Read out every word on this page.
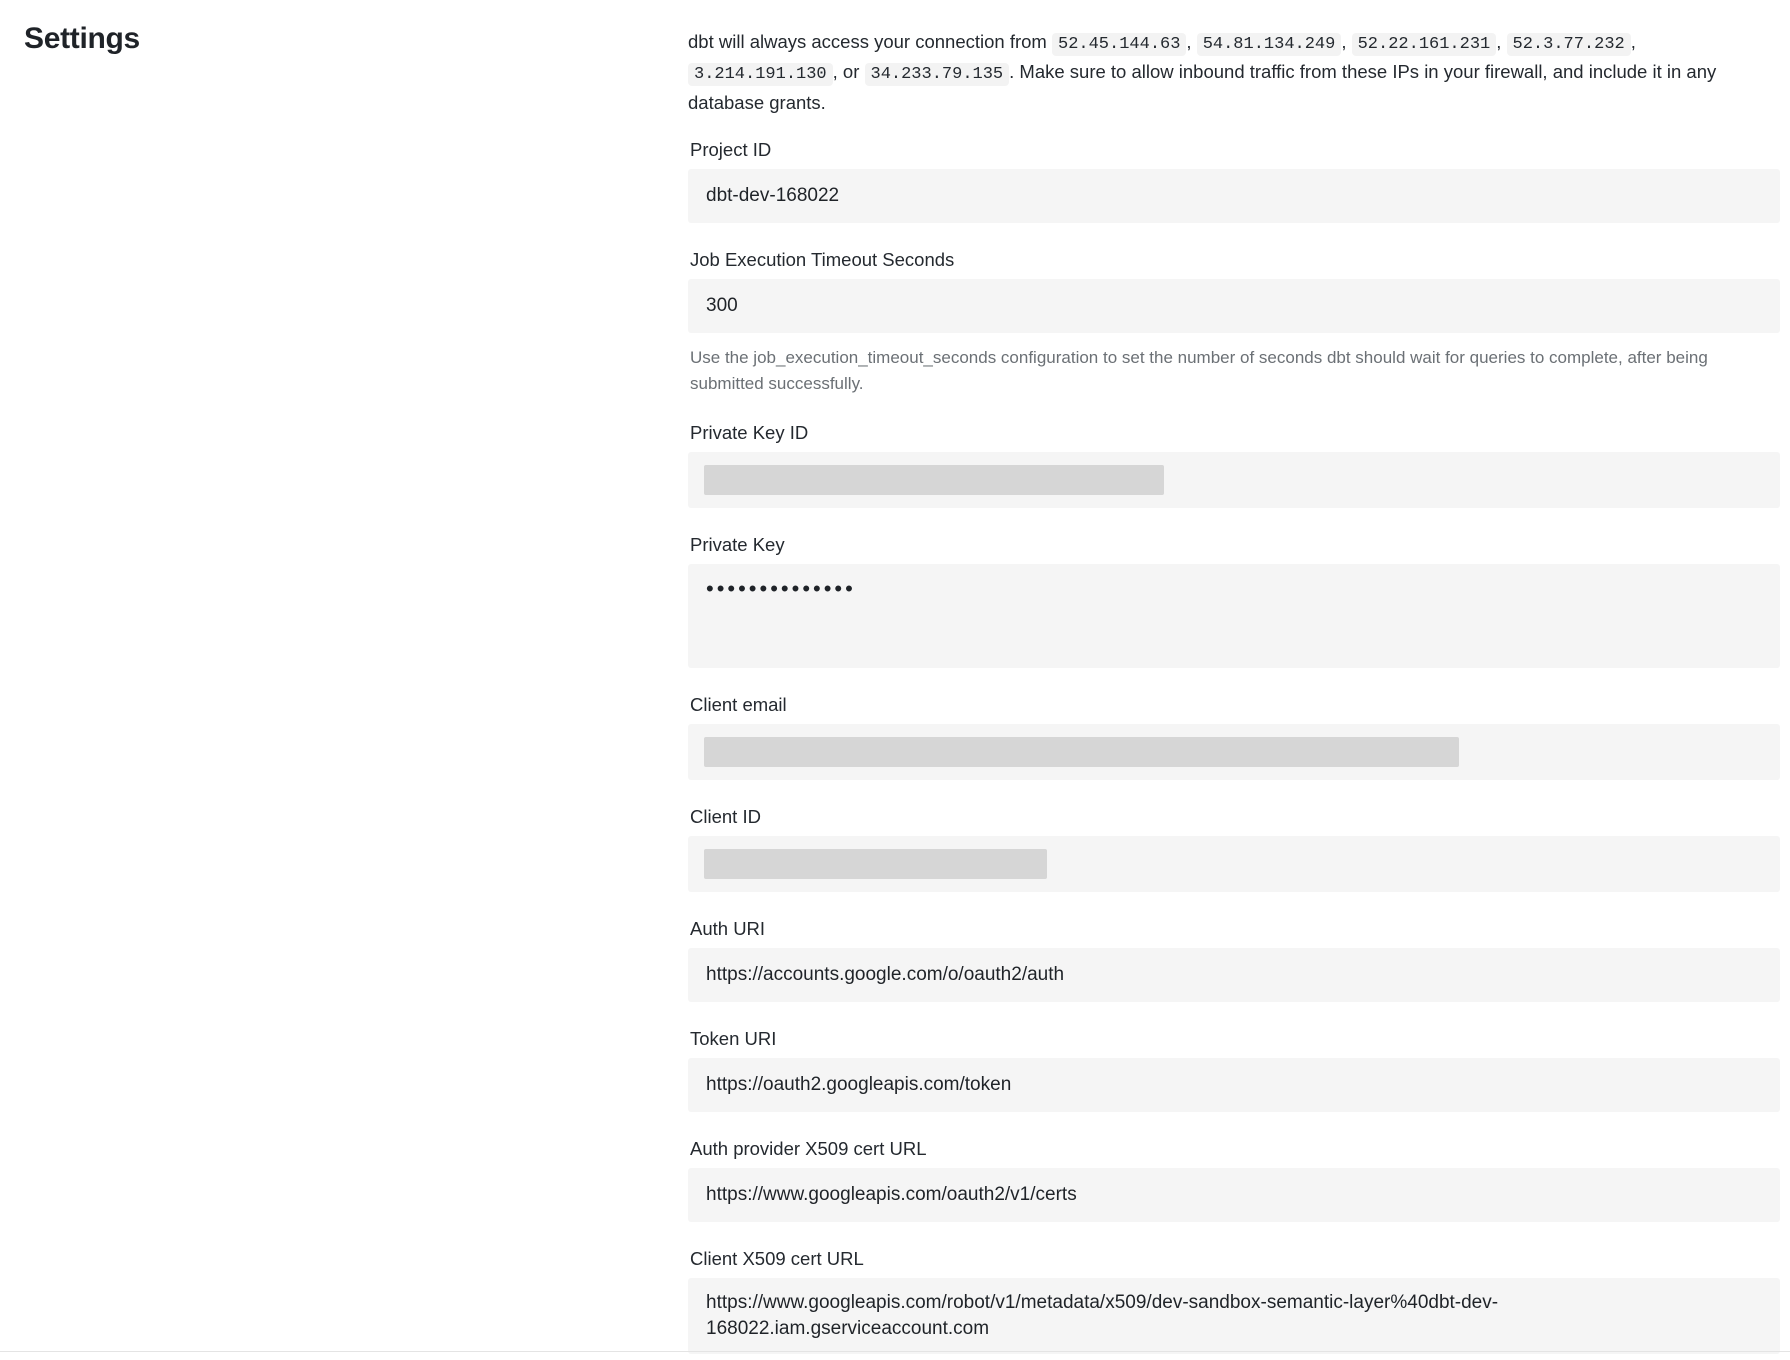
Settings	dbt will always access your connection from 52.45.144.63 , 54.81.134.249 , 52.22.161.231 , 52.3.77.232 , 3.214.191.130 , or 34.233.79.135 . Make sure to allow inbound traffic from these IPs in your firewall, and include it in any database grants.
Project ID
dbt-dev-168022
Job Execution Timeout Seconds
300
Use the job_execution_timeout_seconds configuration to set the number of seconds dbt should wait for queries to complete, after being submitted successfully.
Private Key ID
Private Key
••••••••••••••
Client email
Client ID
Auth URI
https://accounts.google.com/o/oauth2/auth
Token URI
https://oauth2.googleapis.com/token
Auth provider X509 cert URL
https://www.googleapis.com/oauth2/v1/certs
Client X509 cert URL
https://www.googleapis.com/robot/v1/metadata/x509/dev-sandbox-semantic-layer%40dbt-dev-168022.iam.gserviceaccount.com
